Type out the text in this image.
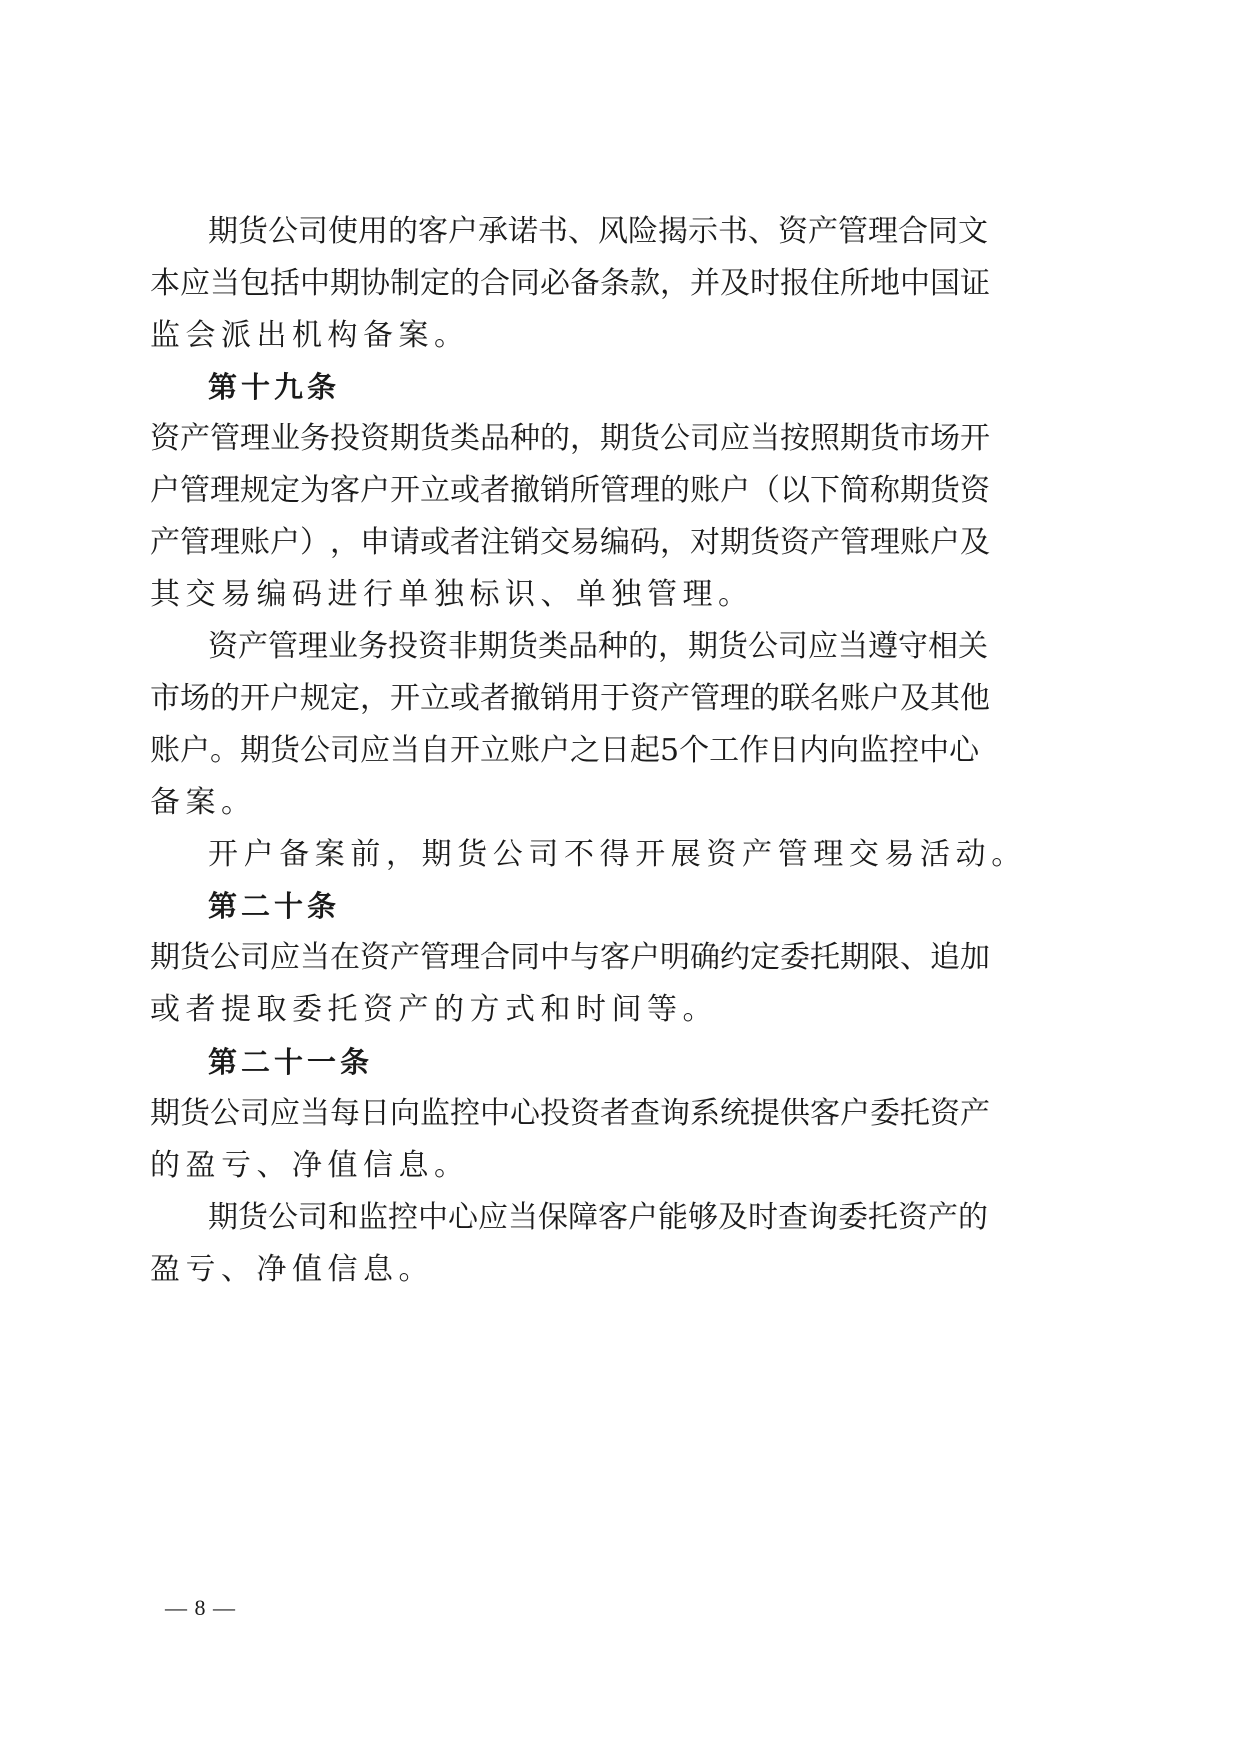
期 货 公 司 使 用 的 客 户 承 诺 书 、 风 险 揭 示 书 、 资 产 管 理 合 同 文
本 应 当 包 括 中 期 协 制 定 的 合 同 必 备 条 款 ， 并 及 时 报 住 所 地 中 国 证
监会派出机构备案。
第十九条
资 产 管 理 业 务 投 资 期 货 类 品 种 的 ， 期 货 公 司 应 当 按 照 期 货 市 场 开
户 管 理 规 定 为 客 户 开 立 或 者 撤 销 所 管 理 的 账 户 （ 以 下 简 称 期 货 资
产 管 理 账 户 ） ， 申 请 或 者 注 销 交 易 编 码 ， 对 期 货 资 产 管 理 账 户 及
其交易编码进行单独标识、单独管理。
资 产 管 理 业 务 投 资 非 期 货 类 品 种 的 ， 期 货 公 司 应 当 遵 守 相 关
市 场 的 开 户 规 定 ， 开 立 或 者 撤 销 用 于 资 产 管 理 的 联 名 账 户 及 其 他
账 户 。 期 货 公 司 应 当 自 开 立 账 户 之 日 起 5 个 工 作 日 内 向 监 控 中 心
备案。
开户备案前，期货公司不得开展资产管理交易活动。
第二十条
期 货 公 司 应 当 在 资 产 管 理 合 同 中 与 客 户 明 确 约 定 委 托 期 限 、 追 加
或者提取委托资产的方式和时间等。
第二十一条
期 货 公 司 应 当 每 日 向 监 控 中 心 投 资 者 查 询 系 统 提 供 客 户 委 托 资 产
的盈亏、净值信息。
期 货 公 司 和 监 控 中 心 应 当 保 障 客 户 能 够 及 时 查 询 委 托 资 产 的
盈亏、净值信息。
— 8 —
